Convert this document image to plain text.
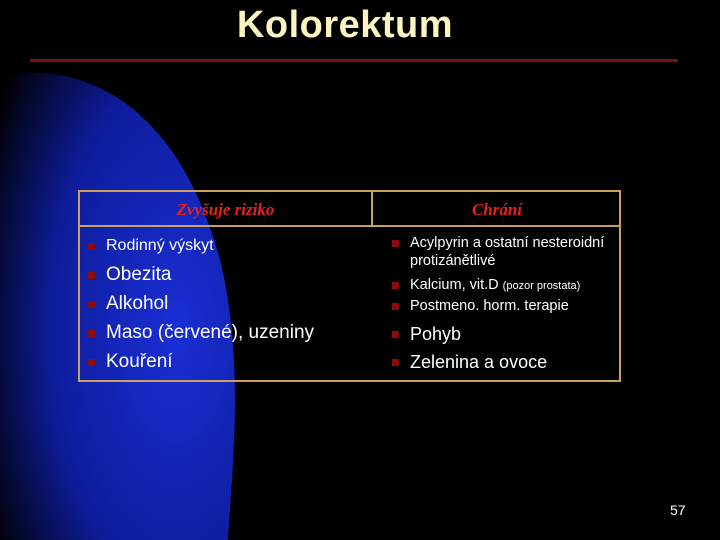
Kolorektum
Zvyšuje riziko	Chrání
Rodinný výskyt
Obezita
Alkohol
Maso (červené), uzeniny
Kouření
Acylpyrin a ostatní nesteroidní protizánětlivé
Kalcium, vit.D (pozor prostata)
Postmeno. horm. terapie
Pohyb
Zelenina a ovoce
57
